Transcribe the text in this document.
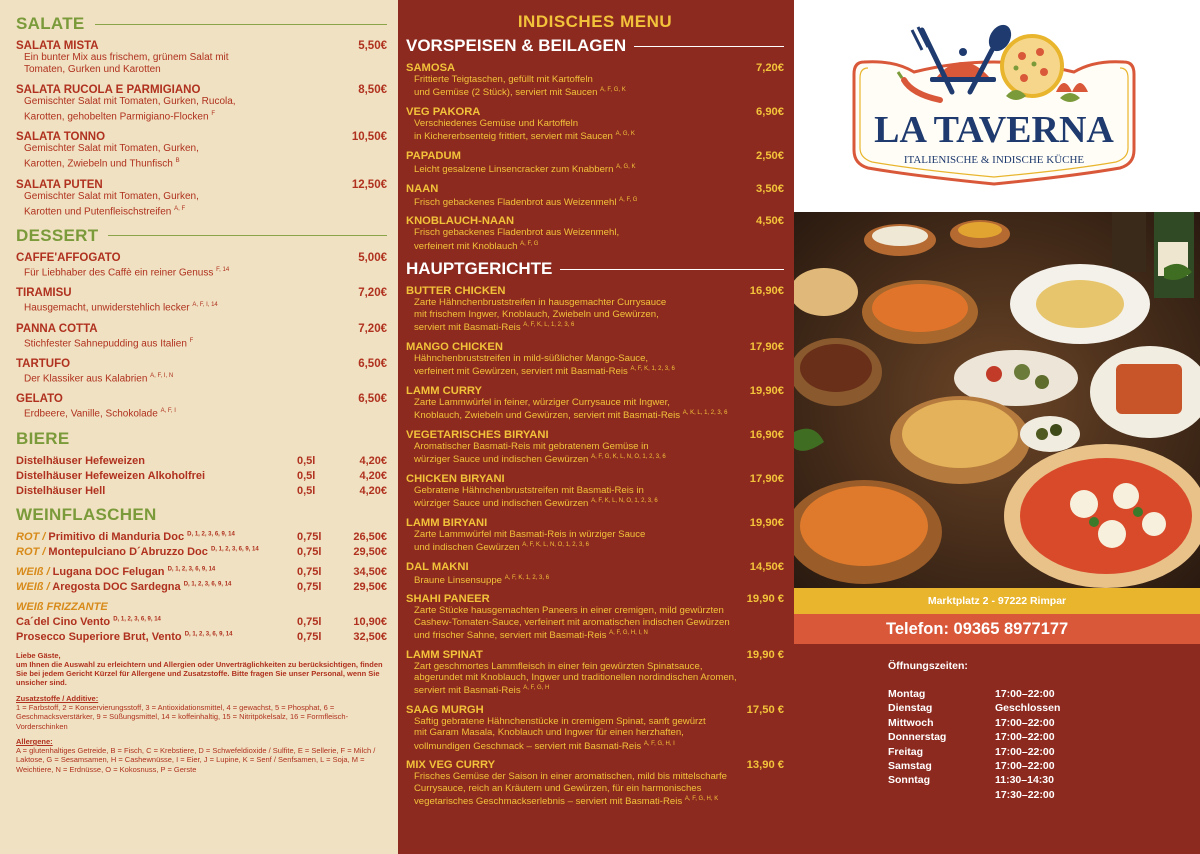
SALATE
SALATA MISTA	5,50€
Ein bunter Mix aus frischem, grünem Salat mit
Tomaten, Gurken und Karotten
SALATA RUCOLA E PARMIGIANO	8,50€
Gemischter Salat mit Tomaten, Gurken, Rucola,
Karotten, gehobelten Parmigiano-Flocken $^F$
SALATA TONNO	10,50€
Gemischter Salat mit Tomaten, Gurken,
Karotten, Zwiebeln und Thunfisch $^B$
SALATA PUTEN	12,50€
Gemischter Salat mit Tomaten, Gurken,
Karotten und Putenfleischstreifen $^{A, F}$
DESSERT
CAFFE'AFFOGATO	5,00€
Für Liebhaber des Caffè ein reiner Genuss $^{F, 14}$
TIRAMISU	7,20€
Hausgemacht, unwiderstehlich lecker $^{A, F, I, 14}$
PANNA COTTA	7,20€
Stichfester Sahnepudding aus Italien $^F$
TARTUFO	6,50€
Der Klassiker aus Kalabrien $^{A, F, I, N}$
GELATO	6,50€
Erdbeere, Vanille, Schokolade $^{A, F, I}$
BIERE
Distelhäuser Hefeweizen	0,5l	4,20€
Distelhäuser Hefeweizen Alkoholfrei	0,5l	4,20€
Distelhäuser Hell	0,5l	4,20€
WEINFLASCHEN
ROT / Primitivo di Manduria Doc $^{D, 1, 2, 3, 6, 9, 14}$	0,75l	26,50€
ROT / Montepulciano D´Abruzzo Doc $^{D, 1, 2, 3, 6, 9, 14}$	0,75l	29,50€
WEIß / Lugana DOC Felugan $^{D, 1, 2, 3, 6, 9, 14}$	0,75l	34,50€
WEIß / Aregosta DOC Sardegna $^{D, 1, 2, 3, 6, 9, 14}$	0,75l	29,50€
WEIß FRIZZANTE
Ca´del Cino Vento $^{D, 1, 2, 3, 6, 9, 14}$	0,75l	10,90€
Prosecco Superiore Brut, Vento $^{D, 1, 2, 3, 6, 9, 14}$	0,75l	32,50€
Liebe Gäste,
um Ihnen die Auswahl zu erleichtern und Allergien oder Unverträglichkeiten zu berücksichtigen, finden Sie bei jedem Gericht Kürzel für Allergene und Zusatzstoffe. Bitte fragen Sie unser Personal, wenn Sie unsicher sind.
Zusatzstoffe / Additive:
1 = Farbstoff, 2 = Konservierungsstoff, 3 = Antioxidationsmittel, 4 = gewachst, 5 = Phosphat, 6 = Geschmacksverstärker, 9 = Süßungsmittel, 14 = koffeinhaltig, 15 = Nitritpökelsalz, 16 = Formfleisch-Vorderschinken
Allergene:
A = glutenhaltiges Getreide, B = Fisch, C = Krebstiere, D = Schwefeldioxide / Sulfite, E = Sellerie, F = Milch / Laktose, G = Sesamsamen, H = Cashewnüsse, I = Eier, J = Lupine, K = Senf / Senfsamen, L = Soja, M = Weichtiere, N = Erdnüsse, O = Kokosnuss, P = Gerste
INDISCHES MENU
VORSPEISEN & BEILAGEN
SAMOSA	7,20€
Frittierte Teigtaschen, gefüllt mit Kartoffeln
und Gemüse (2 Stück), serviert mit Saucen $^{A, F, G, K}$
VEG PAKORA	6,90€
Verschiedenes Gemüse und Kartoffeln
in Kichererbsenteig frittiert, serviert mit Saucen $^{A, G, K}$
PAPADUM	2,50€
Leicht gesalzene Linsencracker zum Knabbern $^{A, G, K}$
NAAN	3,50€
Frisch gebackenes Fladenbrot aus Weizenmehl $^{A, F, G}$
KNOBLAUCH-NAAN	4,50€
Frisch gebackenes Fladenbrot aus Weizenmehl,
verfeinert mit Knoblauch $^{A, F, G}$
HAUPTGERICHTE
BUTTER CHICKEN	16,90€
Zarte Hähnchenbruststreifen in hausgemachter Currysauce
mit frischem Ingwer, Knoblauch, Zwiebeln und Gewürzen,
serviert mit Basmati-Reis $^{A, F, K, L, 1, 2, 3, 6}$
MANGO CHICKEN	17,90€
Hähnchenbruststreifen in mild-süßlicher Mango-Sauce,
verfeinert mit Gewürzen, serviert mit Basmati-Reis $^{A, F, K, 1, 2, 3, 6}$
LAMM CURRY	19,90€
Zarte Lammwürfel in feiner, würziger Currysauce mit Ingwer,
Knoblauch, Zwiebeln und Gewürzen, serviert mit Basmati-Reis $^{A, K, L, 1, 2, 3, 6}$
VEGETARISCHES BIRYANI	16,90€
Aromatischer Basmati-Reis mit gebratenem Gemüse in
würziger Sauce und indischen Gewürzen $^{A, F, G, K, L, N, O, 1, 2, 3, 6}$
CHICKEN BIRYANI	17,90€
Gebratene Hähnchenbruststreifen mit Basmati-Reis in
würziger Sauce und indischen Gewürzen $^{A, F, K, L, N, O, 1, 2, 3, 6}$
LAMM BIRYANI	19,90€
Zarte Lammwürfel mit Basmati-Reis in würziger Sauce
und indischen Gewürzen $^{A, F, K, L, N, O, 1, 2, 3, 6}$
DAL MAKNI	14,50€
Braune Linsensuppe $^{A, F, K, 1, 2, 3, 6}$
SHAHI PANEER	19,90 €
Zarte Stücke hausgemachten Paneers in einer cremigen, mild gewürzten
Cashew-Tomaten-Sauce, verfeinert mit aromatischen indischen Gewürzen
und frischer Sahne, serviert mit Basmati-Reis $^{A, F, G, H, I, N}$
LAMM SPINAT	19,90 €
Zart geschmortes Lammfleisch in einer fein gewürzten Spinatsauce,
abgerundet mit Knoblauch, Ingwer und traditionellen nordindischen Aromen,
serviert mit Basmati-Reis $^{A, F, G, H}$
SAAG MURGH	17,50 €
Saftig gebratene Hähnchenstücke in cremigem Spinat, sanft gewürzt
mit Garam Masala, Knoblauch und Ingwer für einen herzhaften,
vollmundigen Geschmack – serviert mit Basmati-Reis $^{A, F, G, H, I}$
MIX VEG CURRY	13,90 €
Frisches Gemüse der Saison in einer aromatischen, mild bis mittelscharfe
Currysauce, reich an Kräutern und Gewürzen, für ein harmonisches
vegetarisches Geschmackserlebnis – serviert mit Basmati-Reis $^{A, F, G, H, K}$
LA TAVERNA
ITALIENISCHE & INDISCHE KÜCHE
Marktplatz 2 - 97222 Rimpar
Telefon: 09365 8977177
Öffnungszeiten:
Montag	17:00–22:00
Dienstag	Geschlossen
Mittwoch	17:00–22:00
Donnerstag	17:00–22:00
Freitag	17:00–22:00
Samstag	17:00–22:00
Sonntag	11:30–14:30
17:30–22:00
